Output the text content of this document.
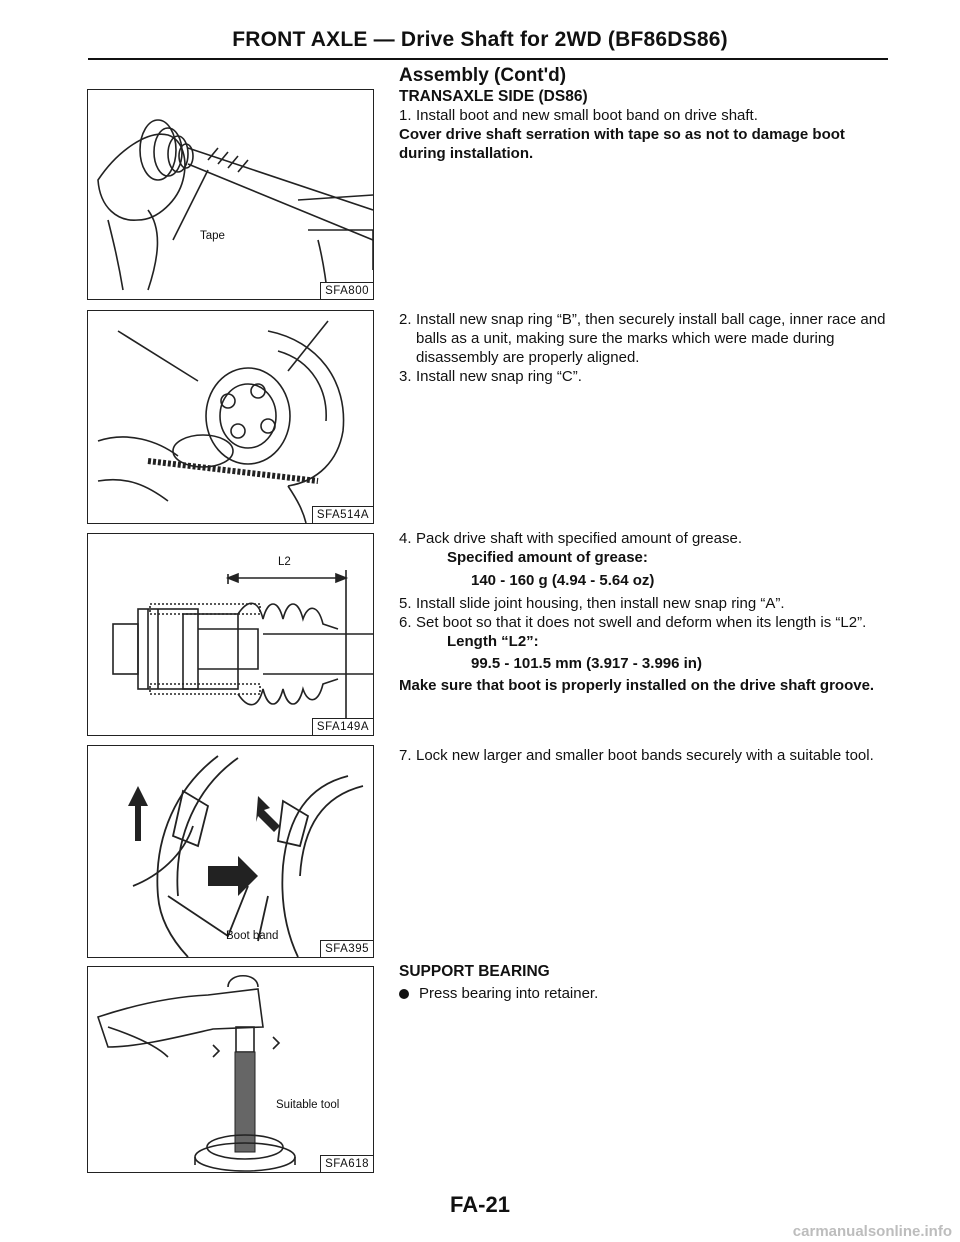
FRONT AXLE — Drive Shaft for 2WD (BF86DS86)
Tape
SFA800
SFA514A
L2
SFA149A
Boot band
SFA395
Suitable tool
SFA618
Assembly (Cont'd)
TRANSAXLE SIDE (DS86)
1. Install boot and new small boot band on drive shaft.
Cover drive shaft serration with tape so as not to damage boot during installation.
2. Install new snap ring “B”, then securely install ball cage, inner race and balls as a unit, making sure the marks which were made during disassembly are properly aligned.
3. Install new snap ring “C”.
4. Pack drive shaft with specified amount of grease.
Specified amount of grease:
140 - 160 g (4.94 - 5.64 oz)
5. Install slide joint housing, then install new snap ring “A”.
6. Set boot so that it does not swell and deform when its length is “L2”.
Length “L2”:
99.5 - 101.5 mm (3.917 - 3.996 in)
Make sure that boot is properly installed on the drive shaft groove.
7. Lock new larger and smaller boot bands securely with a suitable tool.
SUPPORT BEARING
Press bearing into retainer.
FA-21
carmanualsonline.info
